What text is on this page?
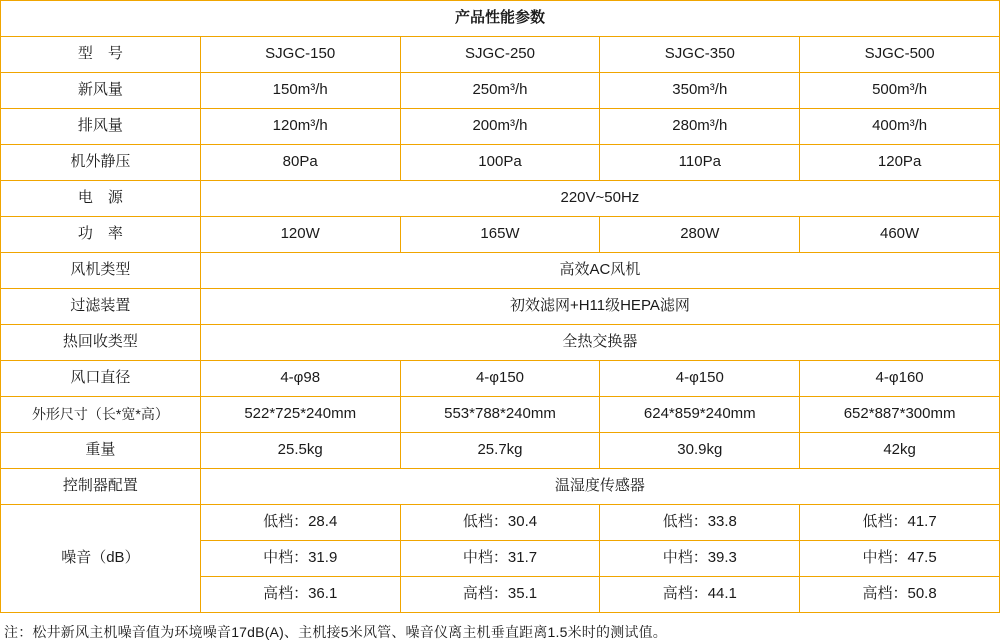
产品性能参数				
型　号	SJGC-150	SJGC-250	SJGC-350	SJGC-500
新风量	150m³/h	250m³/h	350m³/h	500m³/h
排风量	120m³/h	200m³/h	280m³/h	400m³/h
机外静压	80Pa	100Pa	110Pa	120Pa
电　源	220V~50Hz			
功　率	120W	165W	280W	460W
风机类型	高效AC风机			
过滤装置	初效滤网+H11级HEPA滤网			
热回收类型	全热交换器			
风口直径	4-φ98	4-φ150	4-φ150	4-φ160
外形尺寸（长*宽*高）	522*725*240mm	553*788*240mm	624*859*240mm	652*887*300mm
重量	25.5kg	25.7kg	30.9kg	42kg
控制器配置	温湿度传感器			
噪音（dB）	低档：28.4	低档：30.4	低档：33.8	低档：41.7
	中档：31.9	中档：31.7	中档：39.3	中档：47.5
	高档：36.1	高档：35.1	高档：44.1	高档：50.8
注：松井新风主机噪音值为环境噪音17dB(A)、主机接5米风管、噪音仪离主机垂直距离1.5米时的测试值。
